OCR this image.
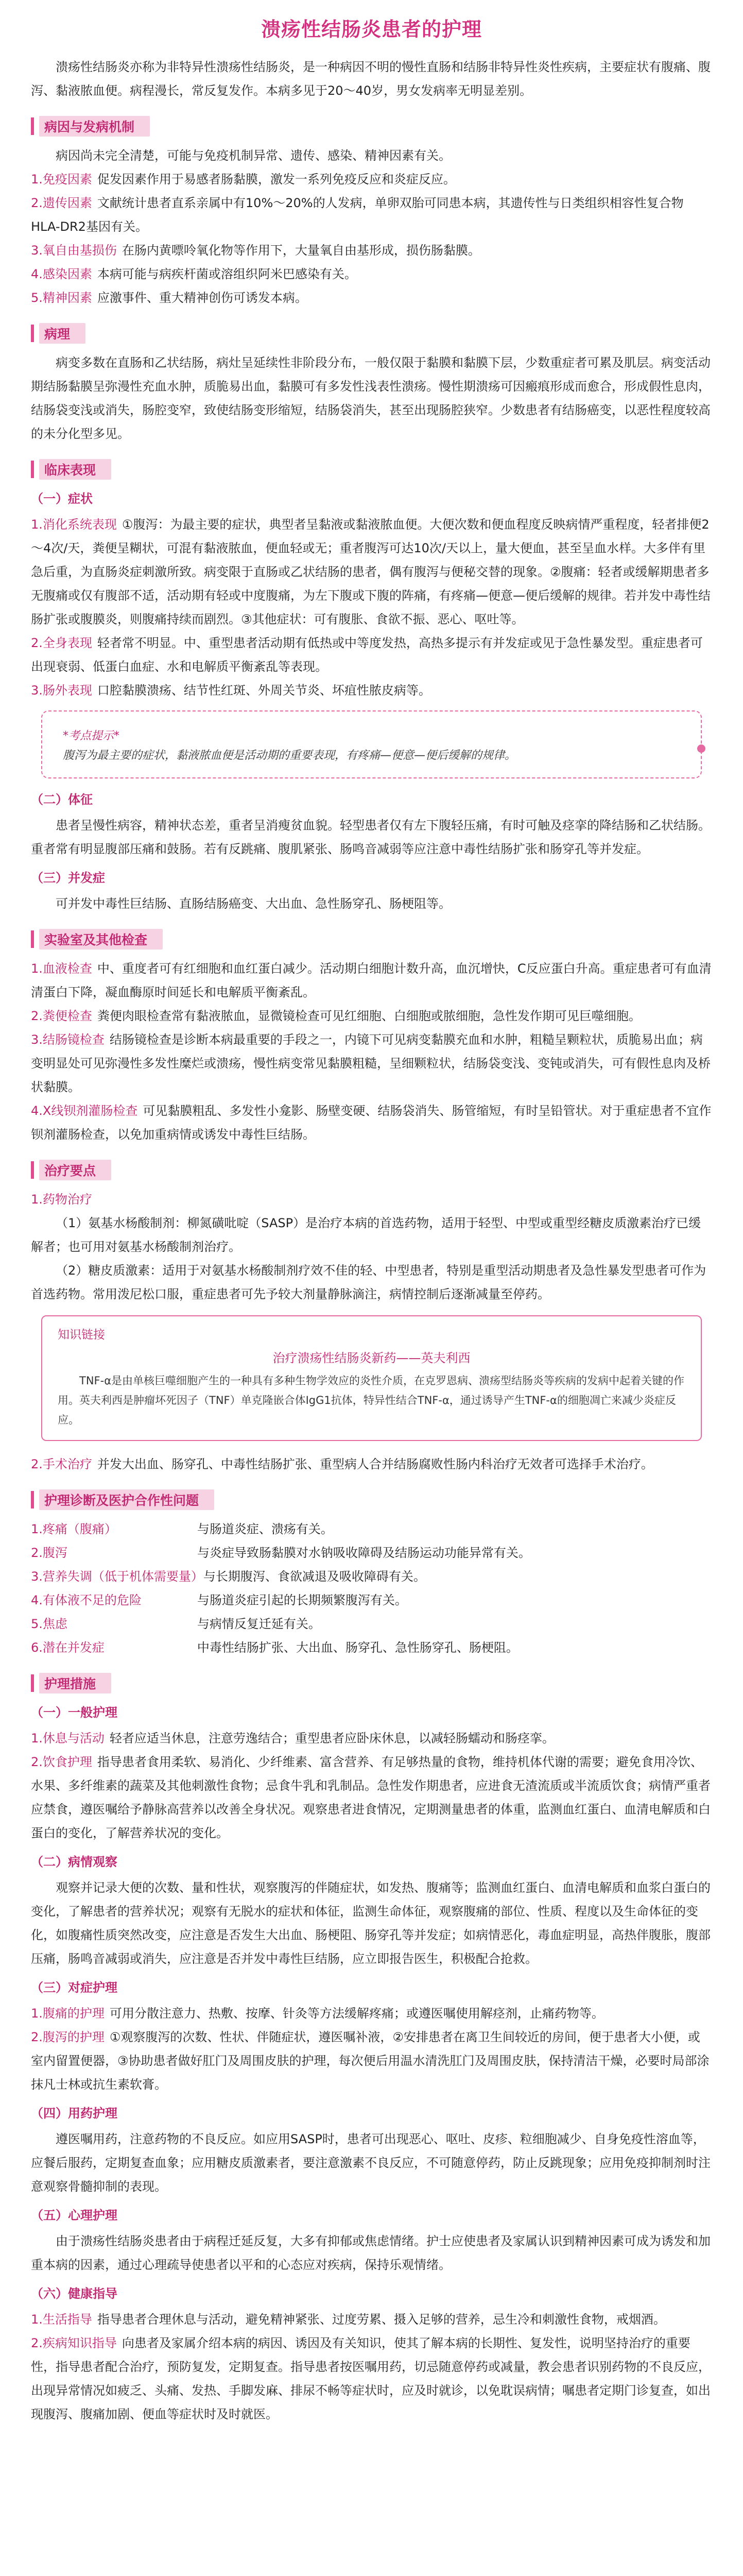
溃疡性结肠炎患者的护理

溃疡性结肠炎亦称为非特异性溃疡性结肠炎，是一种病因不明的慢性直肠和结肠非特异性炎性疾病，主要症状有腹痛、腹泻、黏液脓血便。病程漫长，常反复发作。本病多见于20～40岁，男女发病率无明显差别。

病因与发病机制

病因尚未完全清楚，可能与免疫机制异常、遗传、感染、精神因素有关。

1.免疫因素 促发因素作用于易感者肠黏膜，激发一系列免疫反应和炎症反应。
2.遗传因素 文献统计患者直系亲属中有10%～20%的人发病，单卵双胎可同患本病，其遗传性与日类组织相容性复合物HLA-DR2基因有关。
3.氧自由基损伤 在肠内黄嘌呤氧化物等作用下，大量氧自由基形成，损伤肠黏膜。
4.感染因素 本病可能与病疾杆菌或溶组织阿米巴感染有关。
5.精神因素 应激事件、重大精神创伤可诱发本病。
病理

病变多数在直肠和乙状结肠，病灶呈延续性非阶段分布，一般仅限于黏膜和黏膜下层，少数重症者可累及肌层。病变活动期结肠黏膜呈弥漫性充血水肿，质脆易出血，黏膜可有多发性浅表性溃疡。慢性期溃疡可因瘢痕形成而愈合，形成假性息肉，结肠袋变浅或消失，肠腔变窄，致使结肠变形缩短，结肠袋消失，甚至出现肠腔狭窄。少数患者有结肠癌变，以恶性程度较高的未分化型多见。

临床表现
（一）症状
1.消化系统表现 ①腹泻：为最主要的症状，典型者呈黏液或黏液脓血便。大便次数和便血程度反映病情严重程度，轻者排便2～4次/天，粪便呈糊状，可混有黏液脓血，便血轻或无；重者腹泻可达10次/天以上，量大便血，甚至呈血水样。大多伴有里急后重，为直肠炎症刺激所致。病变限于直肠或乙状结肠的患者，偶有腹泻与便秘交替的现象。②腹痛：轻者或缓解期患者多无腹痛或仅有腹部不适，活动期有轻或中度腹痛，为左下腹或下腹的阵痛，有疼痛—便意—便后缓解的规律。若并发中毒性结肠扩张或腹膜炎，则腹痛持续而剧烈。③其他症状：可有腹胀、食欲不振、恶心、呕吐等。
2.全身表现 轻者常不明显。中、重型患者活动期有低热或中等度发热，高热多提示有并发症或见于急性暴发型。重症患者可出现衰弱、低蛋白血症、水和电解质平衡紊乱等表现。
3.肠外表现 口腔黏膜溃疡、结节性红斑、外周关节炎、坏疽性脓皮病等。
*考点提示*
腹泻为最主要的症状，黏液脓血便是活动期的重要表现，有疼痛—便意—便后缓解的规律。
（二）体征

患者呈慢性病容，精神状态差，重者呈消瘦贫血貌。轻型患者仅有左下腹轻压痛，有时可触及痉挛的降结肠和乙状结肠。重者常有明显腹部压痛和鼓肠。若有反跳痛、腹肌紧张、肠鸣音减弱等应注意中毒性结肠扩张和肠穿孔等并发症。

（三）并发症

可并发中毒性巨结肠、直肠结肠癌变、大出血、急性肠穿孔、肠梗阻等。

实验室及其他检查
1.血液检查 中、重度者可有红细胞和血红蛋白减少。活动期白细胞计数升高，血沉增快，C反应蛋白升高。重症患者可有血清清蛋白下降，凝血酶原时间延长和电解质平衡紊乱。
2.粪便检查 粪便肉眼检查常有黏液脓血，显微镜检查可见红细胞、白细胞或脓细胞，急性发作期可见巨噬细胞。
3.结肠镜检查 结肠镜检查是诊断本病最重要的手段之一，内镜下可见病变黏膜充血和水肿，粗糙呈颗粒状，质脆易出血；病变明显处可见弥漫性多发性糜烂或溃疡，慢性病变常见黏膜粗糙，呈细颗粒状，结肠袋变浅、变钝或消失，可有假性息肉及桥状黏膜。
4.X线钡剂灌肠检查 可见黏膜粗乱、多发性小龛影、肠壁变硬、结肠袋消失、肠管缩短，有时呈铅管状。对于重症患者不宜作钡剂灌肠检查，以免加重病情或诱发中毒性巨结肠。
治疗要点
1.药物治疗

（1）氨基水杨酸制剂：柳氮磺吡啶（SASP）是治疗本病的首选药物，适用于轻型、中型或重型经糖皮质激素治疗已缓解者；也可用对氨基水杨酸制剂治疗。

（2）糖皮质激素：适用于对氨基水杨酸制剂疗效不佳的轻、中型患者，特别是重型活动期患者及急性暴发型患者可作为首选药物。常用泼尼松口服，重症患者可先予较大剂量静脉滴注，病情控制后逐渐减量至停药。

知识链接
治疗溃疡性结肠炎新药——英夫利西
TNF-α是由单核巨噬细胞产生的一种具有多种生物学效应的炎性介质，在克罗恩病、溃疡型结肠炎等疾病的发病中起着关键的作用。英夫利西是肿瘤坏死因子（TNF）单克隆嵌合体IgG1抗体，特异性结合TNF-α，通过诱导产生TNF-α的细胞凋亡来减少炎症反应。
2.手术治疗 并发大出血、肠穿孔、中毒性结肠扩张、重型病人合并结肠腐败性肠内科治疗无效者可选择手术治疗。
护理诊断及医护合作性问题
1.疼痛（腹痛）	与肠道炎症、溃疡有关。
2.腹泻	与炎症导致肠黏膜对水钠吸收障碍及结肠运动功能异常有关。
3.营养失调（低于机体需要量）与长期腹泻、食欲减退及吸收障碍有关。
4.有体液不足的危险	与肠道炎症引起的长期频繁腹泻有关。
5.焦虑	与病情反复迁延有关。
6.潜在并发症	中毒性结肠扩张、大出血、肠穿孔、急性肠穿孔、肠梗阻。
护理措施
（一）一般护理
1.休息与活动 轻者应适当休息，注意劳逸结合；重型患者应卧床休息，以减轻肠蠕动和肠痉挛。
2.饮食护理 指导患者食用柔软、易消化、少纤维素、富含营养、有足够热量的食物，维持机体代谢的需要；避免食用冷饮、水果、多纤维素的蔬菜及其他刺激性食物；忌食牛乳和乳制品。急性发作期患者，应进食无渣流质或半流质饮食；病情严重者应禁食，遵医嘱给予静脉高营养以改善全身状况。观察患者进食情况，定期测量患者的体重，监测血红蛋白、血清电解质和白蛋白的变化，了解营养状况的变化。
（二）病情观察

观察并记录大便的次数、量和性状，观察腹泻的伴随症状，如发热、腹痛等；监测血红蛋白、血清电解质和血浆白蛋白的变化，了解患者的营养状况；观察有无脱水的症状和体征，监测生命体征，观察腹痛的部位、性质、程度以及生命体征的变化，如腹痛性质突然改变，应注意是否发生大出血、肠梗阻、肠穿孔等并发症；如病情恶化，毒血症明显，高热伴腹胀，腹部压痛，肠鸣音减弱或消失，应注意是否并发中毒性巨结肠，应立即报告医生，积极配合抢救。

（三）对症护理
1.腹痛的护理 可用分散注意力、热敷、按摩、针灸等方法缓解疼痛；或遵医嘱使用解痉剂，止痛药物等。
2.腹泻的护理 ①观察腹泻的次数、性状、伴随症状，遵医嘱补液，②安排患者在离卫生间较近的房间，便于患者大小便，或室内留置便器，③协助患者做好肛门及周围皮肤的护理，每次便后用温水清洗肛门及周围皮肤，保持清洁干燥，必要时局部涂抹凡士林或抗生素软膏。
（四）用药护理

遵医嘱用药，注意药物的不良反应。如应用SASP时，患者可出现恶心、呕吐、皮疹、粒细胞减少、自身免疫性溶血等，应餐后服药，定期复查血象；应用糖皮质激素者，要注意激素不良反应，不可随意停药，防止反跳现象；应用免疫抑制剂时注意观察骨髓抑制的表现。

（五）心理护理

由于溃疡性结肠炎患者由于病程迁延反复，大多有抑郁或焦虑情绪。护士应使患者及家属认识到精神因素可成为诱发和加重本病的因素，通过心理疏导使患者以平和的心态应对疾病，保持乐观情绪。

（六）健康指导
1.生活指导 指导患者合理休息与活动，避免精神紧张、过度劳累、摄入足够的营养，忌生冷和刺激性食物，戒烟酒。
2.疾病知识指导 向患者及家属介绍本病的病因、诱因及有关知识，使其了解本病的长期性、复发性，说明坚持治疗的重要性，指导患者配合治疗，预防复发，定期复查。指导患者按医嘱用药，切忌随意停药或减量，教会患者识别药物的不良反应，出现异常情况如疲乏、头痛、发热、手脚发麻、排尿不畅等症状时，应及时就诊，以免耽误病情；嘱患者定期门诊复查，如出现腹泻、腹痛加剧、便血等症状时及时就医。
